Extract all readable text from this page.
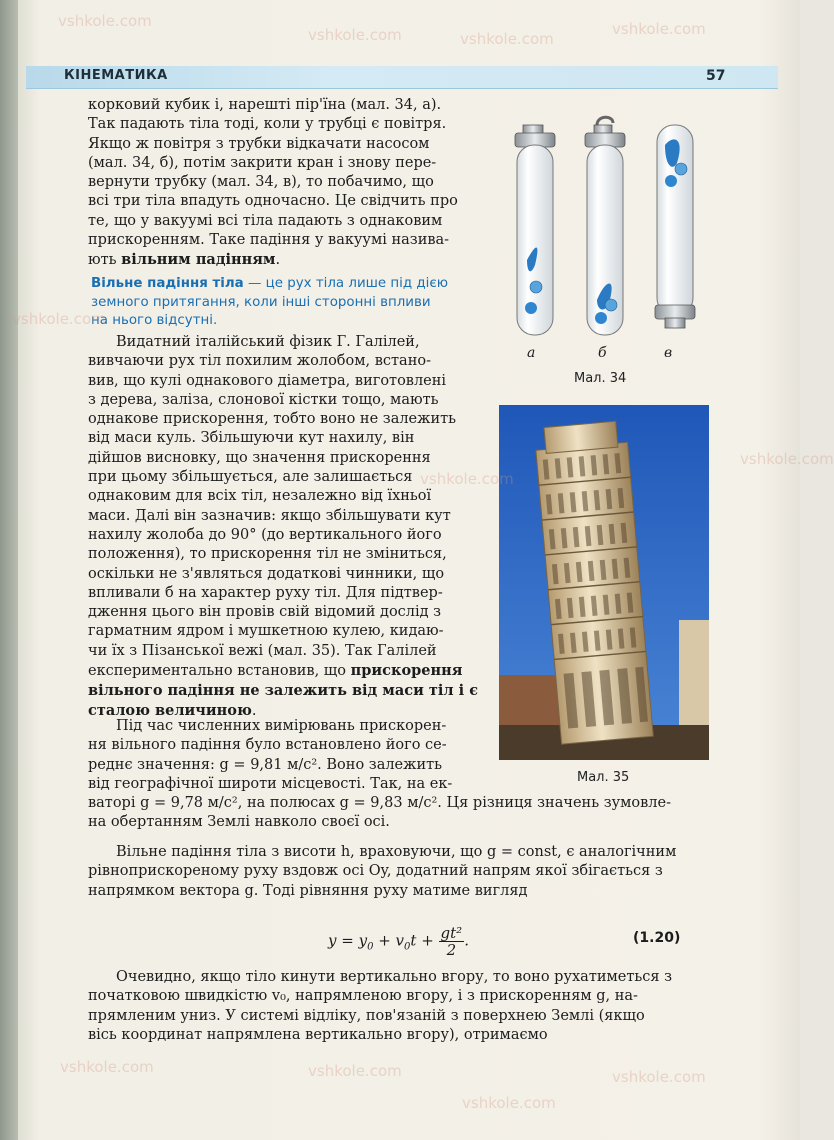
КІНЕМАТИКА	57
корковий кубик і, нарешті пір'їна (мал. 34, а).
Так падають тіла тоді, коли у трубці є повітря.
Якщо ж повітря з трубки відкачати насосом
(мал. 34, б), потім закрити кран і знову пере-
вернути трубку (мал. 34, в), то побачимо, що
всі три тіла впадуть одночасно. Це свідчить про
те, що у вакуумі всі тіла падають з однаковим
прискоренням. Таке падіння у вакуумі назива-
ють вільним падінням.
Вільне падіння тіла — це рух тіла лише під дією
земного притягання, коли інші сторонні впливи
на нього відсутні.
Видатний італійський фізик Г. Галілей,
вивчаючи рух тіл похилим жолобом, встано-
вив, що кулі однакового діаметра, виготовлені
з дерева, заліза, слонової кістки тощо, мають
однакове прискорення, тобто воно не залежить
від маси куль. Збільшуючи кут нахилу, він
дійшов висновку, що значення прискорення
при цьому збільшується, але залишається
однаковим для всіх тіл, незалежно від їхньої
маси. Далі він зазначив: якщо збільшувати кут
нахилу жолоба до 90° (до вертикального його
положення), то прискорення тіл не зміниться,
оскільки не з'являться додаткові чинники, що
впливали б на характер руху тіл. Для підтвер-
дження цього він провів свій відомий дослід з
гарматним ядром і мушкетною кулею, кидаю-
чи їх з Пізанської вежі (мал. 35). Так Галілей
експериментально встановив, що прискорення
вільного падіння не залежить від маси тіл і є
сталою величиною.
Під час численних вимірювань прискорен-
ня вільного падіння було встановлено його се-
реднє значення: g = 9,81 м/с². Воно залежить
від географічної широти місцевості. Так, на ек-
ваторі g = 9,78 м/с², на полюсах g = 9,83 м/с². Ця різниця значень зумовле-
на обертанням Землі навколо своєї осі.
Вільне падіння тіла з висоти h, враховуючи, що g = const, є аналогічним
рівноприскореному руху вздовж осі Oy, додатний напрям якої збігається з
напрямком вектора g. Тоді рівняння руху матиме вигляд
$y = y_0 + v_0t + \frac{\text{gt²}}{2}$ .	(1.20)
Очевидно, якщо тіло кинути вертикально вгору, то воно рухатиметься з
початковою швидкістю v₀, напрямленою вгору, і з прискоренням g, на-
прямленим униз. У системі відліку, пов'язаній з поверхнею Землі (якщо
вісь координат напрямлена вертикально вгору), отримаємо
а	б	в
Мал. 34
Мал. 35
vshkole.com
vshkole.com	vshkole.com
vshkole.com
vshkole.com
vshkole.com
vshkole.com
vshkole.com	vshkole.com
vshkole.com
vshkole.com
